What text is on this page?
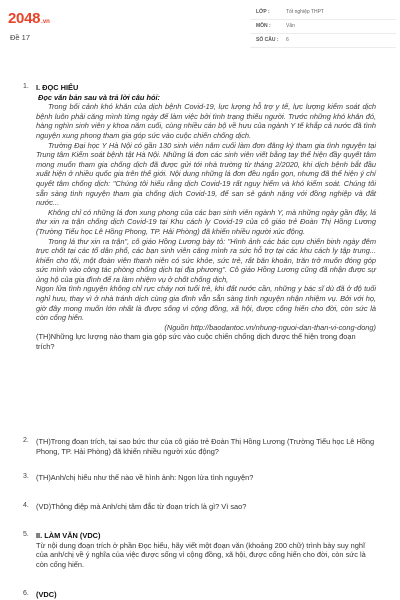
2048 .vn
Đề 17
LỚP :	Tốt nghiệp THPT
MÔN :	Văn
SỐ CÂU : 6
1. I. ĐỌC HIỂU
Đọc văn bản sau và trả lời câu hỏi:

Trong bối cảnh khó khăn của dịch bệnh Covid-19, lực lượng hỗ trợ y tế, lực lượng kiểm soát dịch bệnh luôn phải căng mình từng ngày để làm việc bởi tình trạng thiếu người. Trước những khó khăn đó, hàng nghìn sinh viên y khoa năm cuối, cùng nhiều cán bộ về hưu của ngành Y tế khắp cả nước đã tình nguyện xung phong tham gia góp sức vào cuộc chiến chống dịch.

Trường Đại học Y Hà Nội có gần 130 sinh viên năm cuối làm đơn đăng ký tham gia tình nguyện tại Trung tâm Kiểm soát bệnh tật Hà Nội. Những lá đơn các sinh viên viết bằng tay thể hiện đầy quyết tâm mong muốn tham gia chống dịch đã được gửi tới nhà trường từ tháng 2/2020, khi dịch bệnh bắt đầu xuất hiện ở nhiều quốc gia trên thế giới. Nội dung những lá đơn đều ngắn gọn, nhưng đã thể hiện ý chí quyết tâm chống dịch: "Chúng tôi hiểu rằng dịch Covid-19 rất nguy hiểm và khó kiểm soát. Chúng tôi sẵn sàng tình nguyện tham gia chống dịch Covid-19, để san sẻ gánh nặng với đồng nghiệp và đất nước...

Không chỉ có những lá đơn xung phong của các bạn sinh viên ngành Y, mà những ngày gần đây, lá thư xin ra trận chống dịch Covid-19 tại Khu cách ly Covid-19 của cô giáo trẻ Đoàn Thị Hồng Lương (Trường Tiểu học Lê Hồng Phong, TP. Hải Phòng) đã khiến nhiều người xúc động.

Trong lá thư xin ra trận", cô giáo Hồng Lương bày tỏ: "Hình ảnh các bác cựu chiến binh ngày đêm trực chốt tại các tổ dân phố, các bạn sinh viên căng mình ra sức hỗ trợ tại các khu cách ly tập trung... khiến cho tôi, một đoàn viên thanh niên có sức khỏe, sức trẻ, rất băn khoăn, trăn trở muốn đóng góp sức mình vào công tác phòng chống dịch tại địa phương". Cô giáo Hồng Lương cũng đã nhận được sự ủng hộ của gia đình để ra làm nhiệm vụ ở chốt chống dịch,

Ngọn lửa tình nguyện không chỉ rực cháy nơi tuổi trẻ, khi đất nước cần, những y bác sĩ dù đã ở độ tuổi nghỉ hưu, thay vì ở nhà tránh dịch cùng gia đình vẫn sẵn sàng tình nguyện nhận nhiệm vụ. Bởi với họ, giờ đây mong muốn lớn nhất là được sống vì cộng đồng, xã hội, được cống hiến cho đời, còn sức là còn cống hiến.

(Nguồn http://baodantoc.vn/nhung-nguoi-dan-than-vi-cong-dong)
(TH)Những lực lượng nào tham gia góp sức vào cuộc chiến chống dịch được thể hiện trong đoạn trích?
2. (TH)Trong đoạn trích, tại sao bức thư của cô giáo trẻ Đoàn Thị Hồng Lương (Trường Tiểu học Lê Hồng Phong, TP. Hải Phòng) đã khiến nhiều người xúc động?
3. (TH)Anh/chị hiểu như thế nào về hình ảnh: Ngọn lửa tình nguyện?
4. (VD)Thông điệp mà Anh/chị tâm đắc từ đoạn trích là gì? Vì sao?
5. II. LÀM VĂN (VDC)
Từ nội dung đoạn trích ở phần Đọc hiểu, hãy viết một đoạn văn (khoảng 200 chữ) trình bày suy nghĩ của anh/chị về ý nghĩa của việc được sống vì cộng đồng, xã hội, được cống hiến cho đời, còn sức là còn cống hiến.
6. (VDC)
